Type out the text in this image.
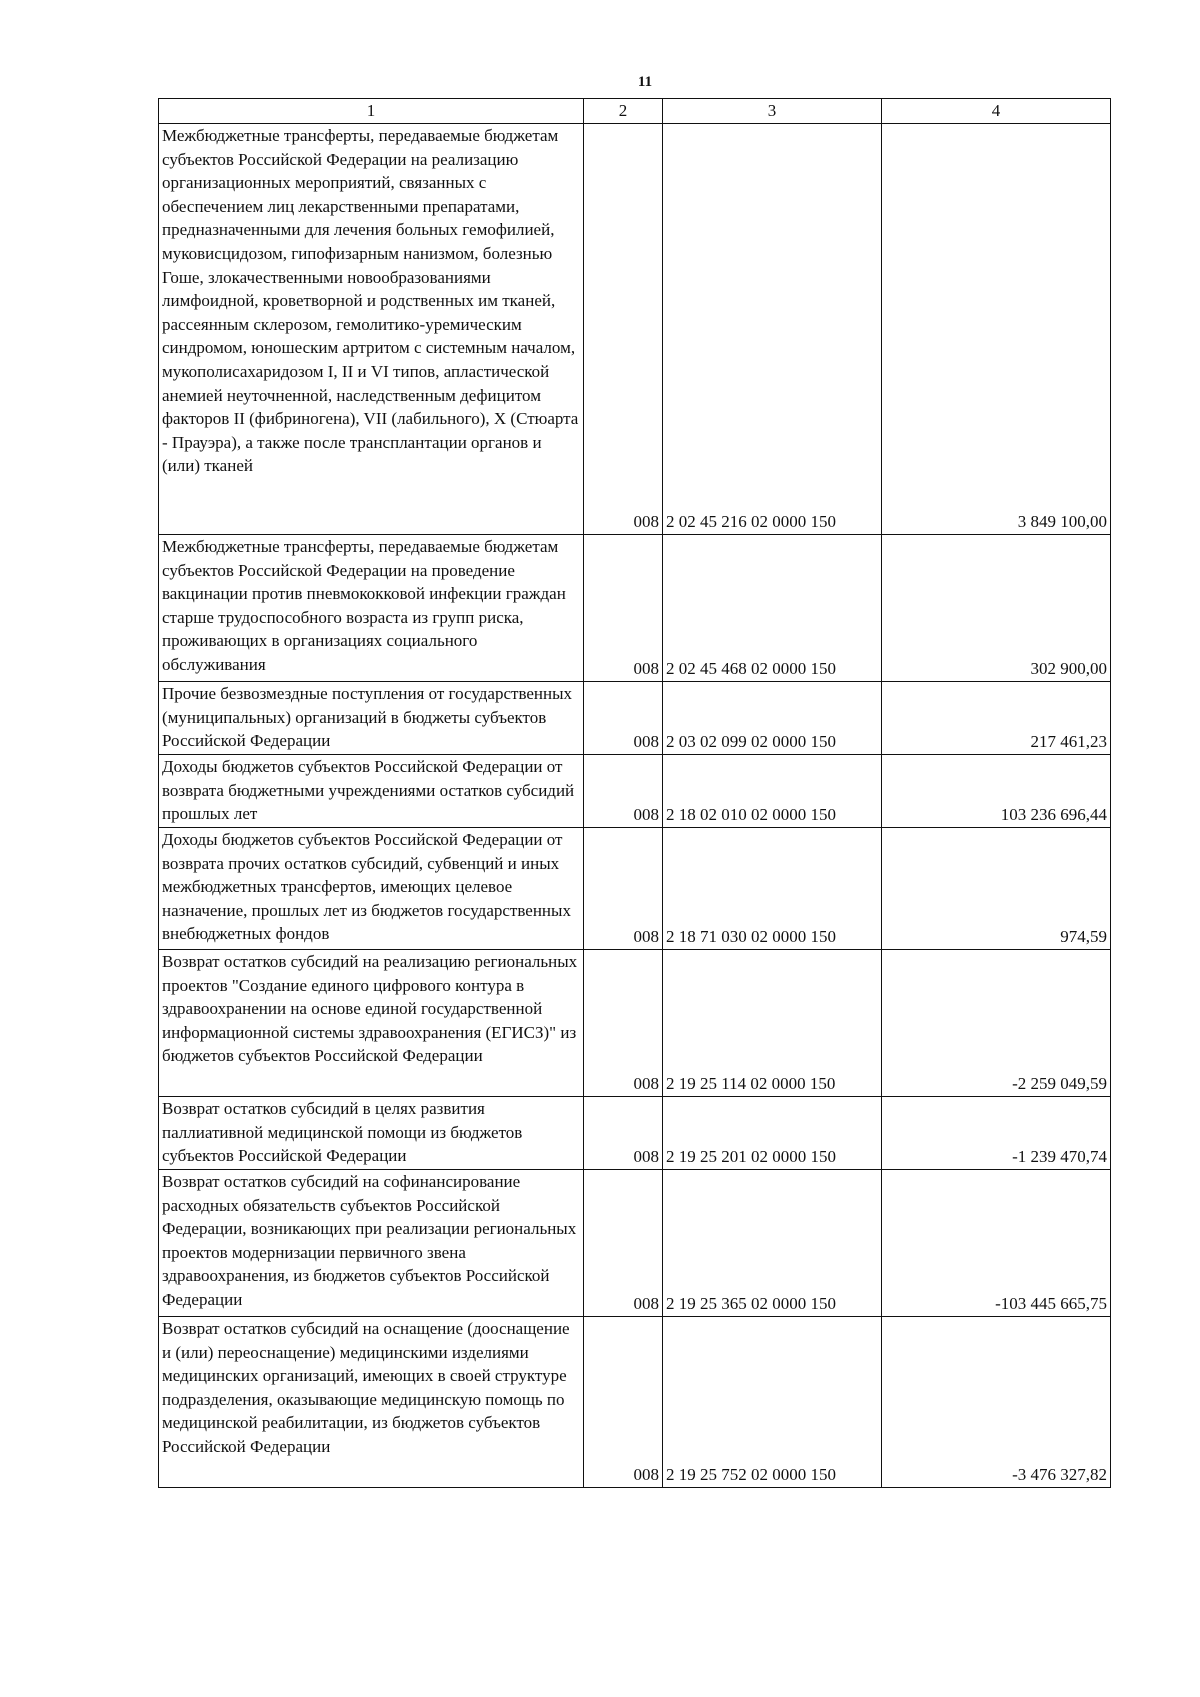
11
1	2	3	4
Межбюджетные трансферты, передаваемые бюджетам субъектов Российской Федерации на реализацию организационных мероприятий, связанных с обеспечением лиц лекарственными препаратами, предназначенными для лечения больных гемофилией, муковисцидозом, гипофизарным нанизмом, болезнью Гоше, злокачественными новообразованиями лимфоидной, кроветворной и родственных им тканей, рассеянным склерозом, гемолитико-уремическим синдромом, юношеским артритом с системным началом, мукополисахаридозом I, II и VI типов, апластической анемией неуточненной, наследственным дефицитом факторов II (фибриногена), VII (лабильного), X (Стюарта - Прауэра), а также после трансплантации органов и (или) тканей	008	2 02 45 216 02 0000 150	3 849 100,00
Межбюджетные трансферты, передаваемые бюджетам субъектов Российской Федерации на проведение вакцинации против пневмококковой инфекции граждан старше трудоспособного возраста из групп риска, проживающих в организациях социального обслуживания	008	2 02 45 468 02 0000 150	302 900,00
Прочие безвозмездные поступления от государственных (муниципальных) организаций в бюджеты субъектов Российской Федерации	008	2 03 02 099 02 0000 150	217 461,23
Доходы бюджетов субъектов Российской Федерации от возврата бюджетными учреждениями остатков субсидий прошлых лет	008	2 18 02 010 02 0000 150	103 236 696,44
Доходы бюджетов субъектов Российской Федерации от возврата прочих остатков субсидий, субвенций и иных межбюджетных трансфертов, имеющих целевое назначение, прошлых лет из бюджетов государственных внебюджетных фондов	008	2 18 71 030 02 0000 150	974,59
Возврат остатков субсидий на реализацию региональных проектов "Создание единого цифрового контура в здравоохранении на основе единой государственной информационной системы здравоохранения (ЕГИСЗ)" из бюджетов субъектов Российской Федерации	008	2 19 25 114 02 0000 150	-2 259 049,59
Возврат остатков субсидий в целях развития паллиативной медицинской помощи из бюджетов субъектов Российской Федерации	008	2 19 25 201 02 0000 150	-1 239 470,74
Возврат остатков субсидий на софинансирование расходных обязательств субъектов Российской Федерации, возникающих при реализации региональных проектов модернизации первичного звена здравоохранения, из бюджетов субъектов Российской Федерации	008	2 19 25 365 02 0000 150	-103 445 665,75
Возврат остатков субсидий на оснащение (дооснащение и (или) переоснащение) медицинскими изделиями медицинских организаций, имеющих в своей структуре подразделения, оказывающие медицинскую помощь по медицинской реабилитации, из бюджетов субъектов Российской Федерации	008	2 19 25 752 02 0000 150	-3 476 327,82
